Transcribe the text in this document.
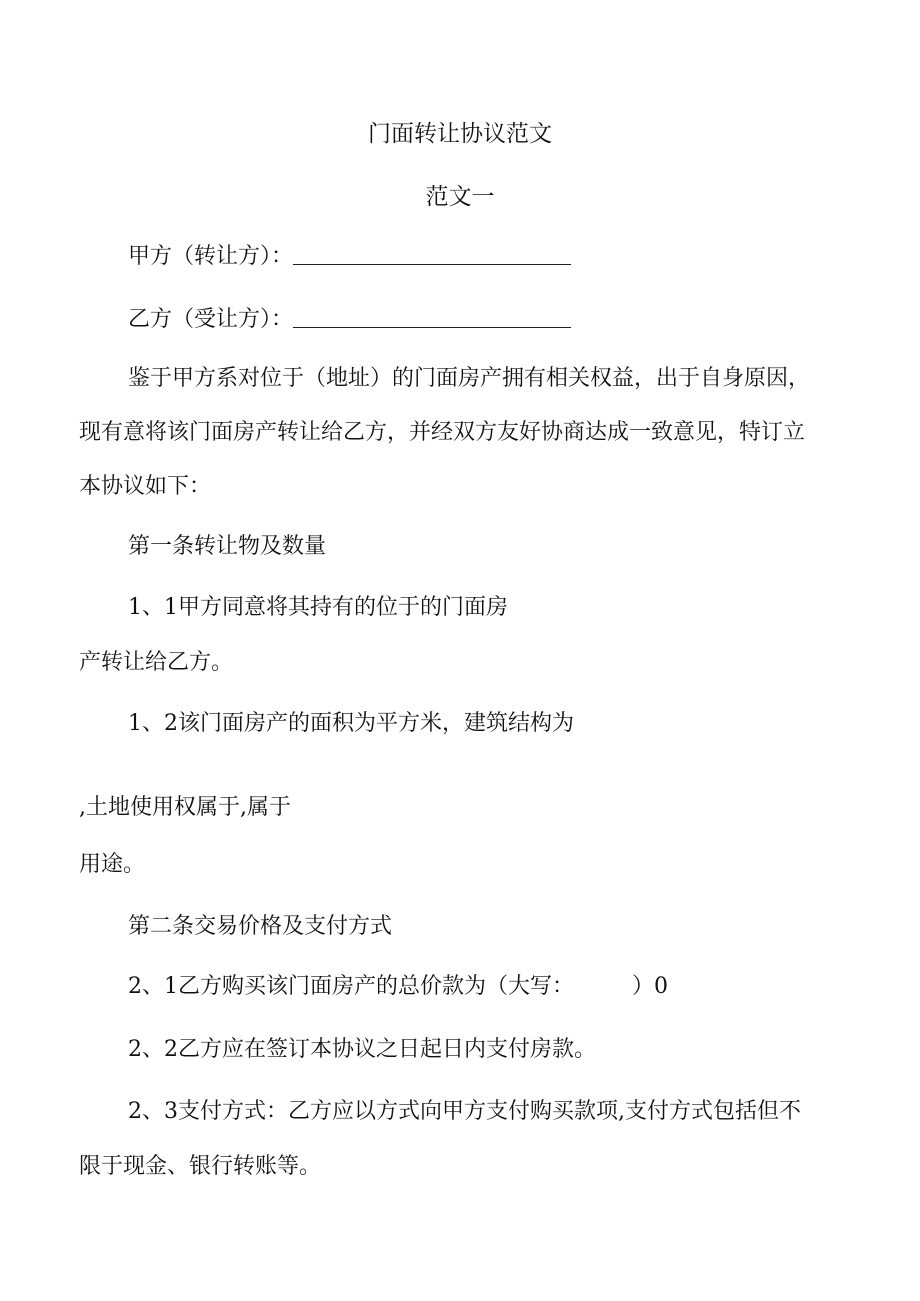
门面转让协议范文
范文一
甲方（转让方）：
乙方（受让方）：
鉴于甲方系对位于（地址）的门面房产拥有相关权益，出于自身原因，
现有意将该门面房产转让给乙方，并经双方友好协商达成一致意见，特订立
本协议如下：
第一条转让物及数量
1、1甲方同意将其持有的位于的门面房
产转让给乙方。
1、2该门面房产的面积为平方米，建筑结构为
,土地使用权属于,属于
用途。
第二条交易价格及支付方式
2、1乙方购买该门面房产的总价款为（大写：	）0
2、2乙方应在签订本协议之日起日内支付房款。
2、3支付方式：乙方应以方式向甲方支付购买款项,支付方式包括但不
限于现金、银行转账等。
